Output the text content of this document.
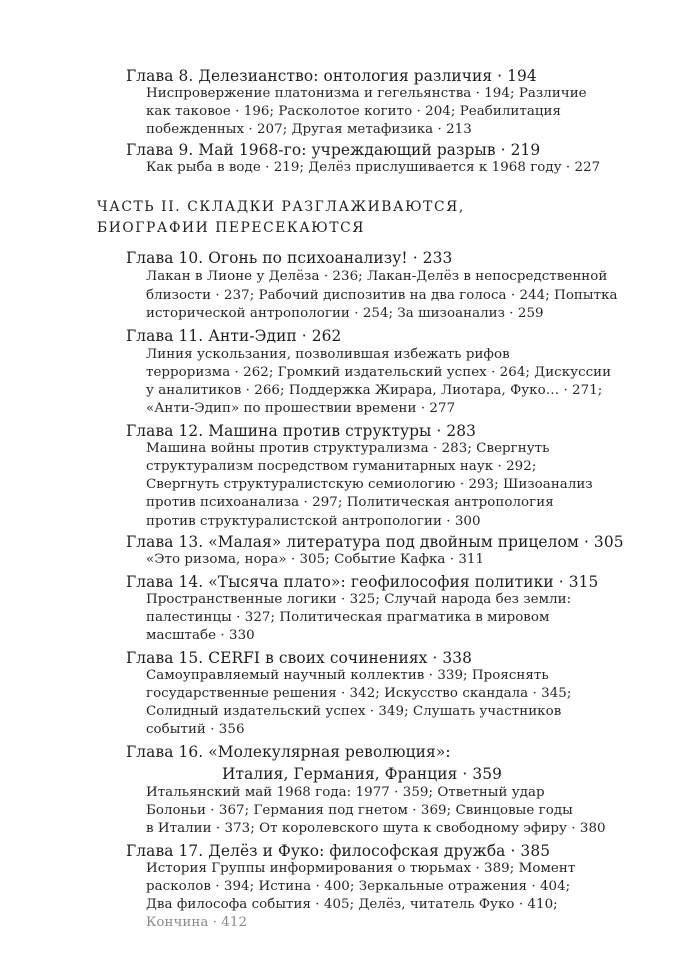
Глава 8. Делезианство: онтология различия · 194
Ниспровержение платонизма и гегельянства · 194; Различие
как таковое · 196; Расколотое когито · 204; Реабилитация
побежденных · 207; Другая метафизика · 213
Глава 9. Май 1968-го: учреждающий разрыв · 219
Как рыба в воде · 219; Делёз прислушивается к 1968 году · 227
ЧАСТЬ II. СКЛАДКИ РАЗГЛАЖИВАЮТСЯ,
БИОГРАФИИ ПЕРЕСЕКАЮТСЯ
Глава 10. Огонь по психоанализу! · 233
Лакан в Лионе у Делёза · 236; Лакан-Делёз в непосредственной
близости · 237; Рабочий диспозитив на два голоса · 244; Попытка
исторической антропологии · 254; За шизоанализ · 259
Глава 11. Анти-Эдип · 262
Линия ускользания, позволившая избежать рифов
терроризма · 262; Громкий издательский успех · 264; Дискуссии
у аналитиков · 266; Поддержка Жирара, Лиотара, Фуко… · 271;
«Анти-Эдип» по прошествии времени · 277
Глава 12. Машина против структуры · 283
Машина войны против структурализма · 283; Свергнуть
структурализм посредством гуманитарных наук · 292;
Свергнуть структуралистскую семиологию · 293; Шизоанализ
против психоанализа · 297; Политическая антропология
против структуралистской антропологии · 300
Глава 13. «Малая» литература под двойным прицелом · 305
«Это ризома, нора» · 305; Событие Кафка · 311
Глава 14. «Тысяча плато»: геофилософия политики · 315
Пространственные логики · 325; Случай народа без земли:
палестинцы · 327; Политическая прагматика в мировом
масштабе · 330
Глава 15. CERFI в своих сочинениях · 338
Самоуправляемый научный коллектив · 339; Прояснять
государственные решения · 342; Искусство скандала · 345;
Солидный издательский успех · 349; Слушать участников
событий · 356
Глава 16. «Молекулярная революция»:
Италия, Германия, Франция · 359
Итальянский май 1968 года: 1977 · 359; Ответный удар
Болоньи · 367; Германия под гнетом · 369; Свинцовые годы
в Италии · 373; От королевского шута к свободному эфиру · 380
Глава 17. Делёз и Фуко: философская дружба · 385
История Группы информирования о тюрьмах · 389; Момент
расколов · 394; Истина · 400; Зеркальные отражения · 404;
Два философа события · 405; Делёз, читатель Фуко · 410;
Кончина · 412
